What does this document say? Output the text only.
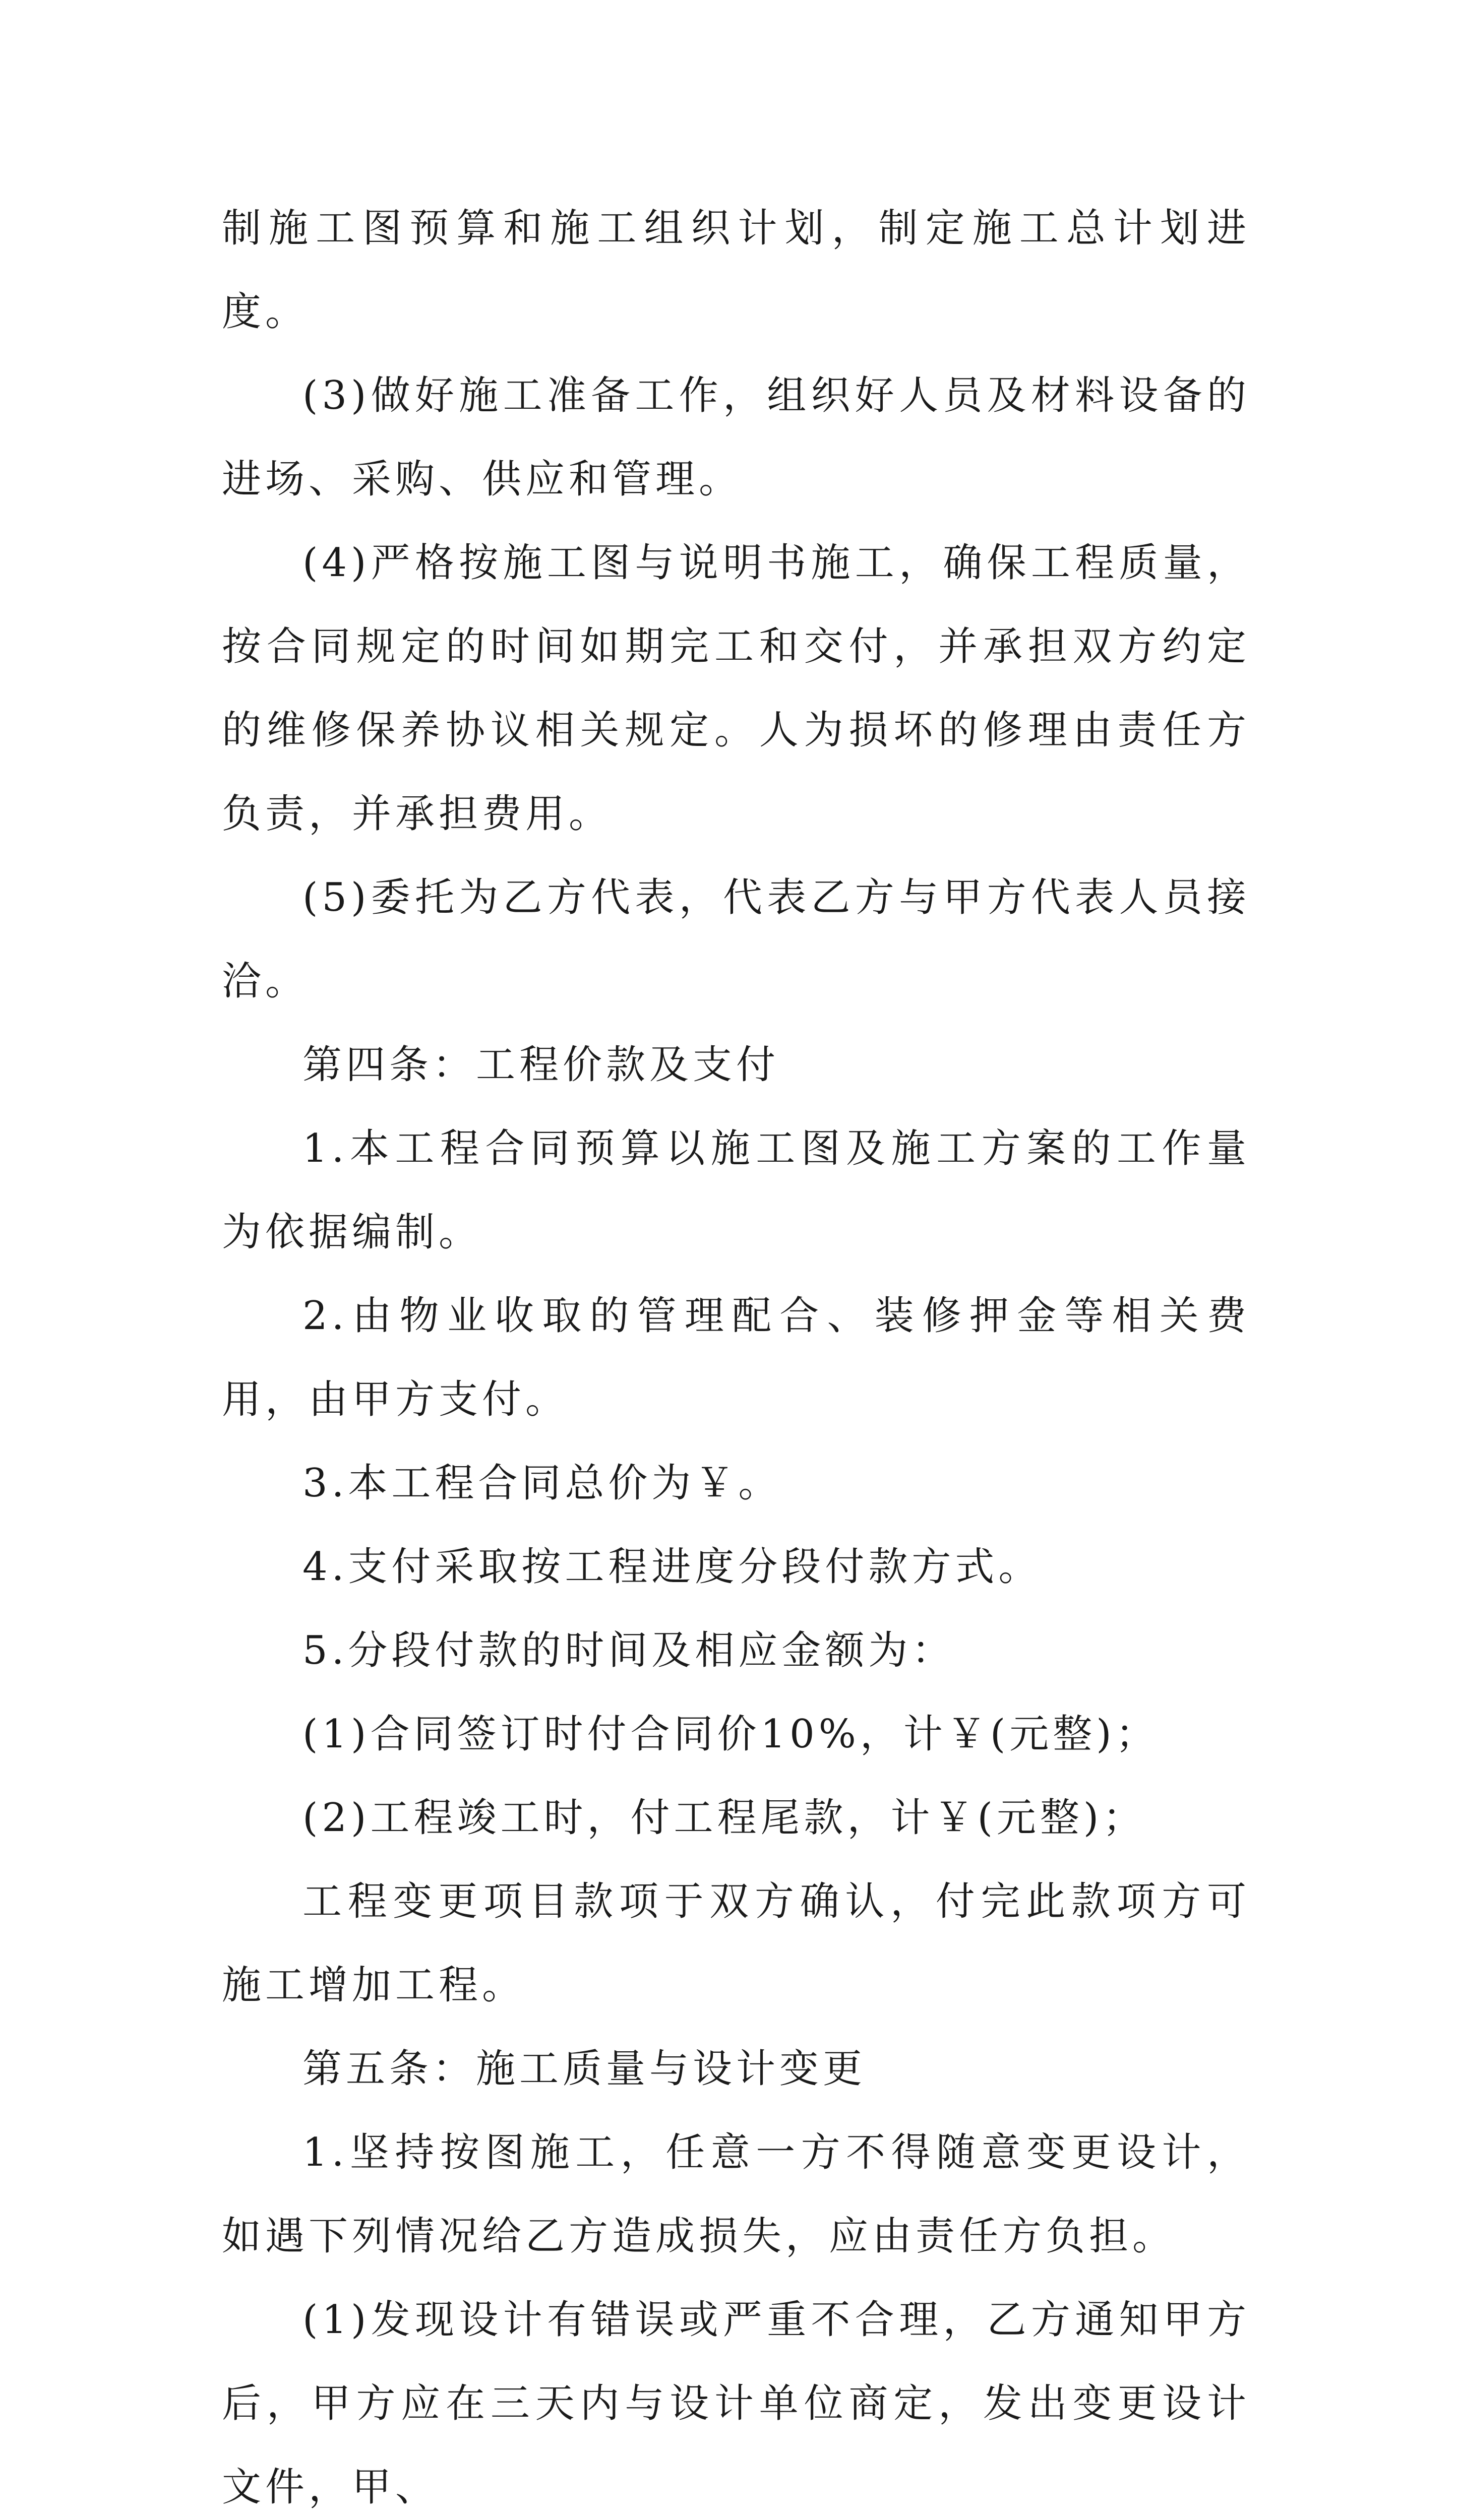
制施工图预算和施工组织计划，制定施工总计划进度。

(3)做好施工准备工作，组织好人员及材料设备的进场、采购、供应和管理。

(4)严格按施工图与说明书施工，确保工程质量，按合同规定的时间如期完工和交付，并承担双方约定的维修保养协议相关规定。人为损坏的修理由责任方负责，并承担费用。

(5)委托为乙方代表，代表乙方与甲方代表人员接洽。

第四条：工程价款及支付

1.本工程合同预算以施工图及施工方案的工作量为依据编制。

2.由物业收取的管理配合、装修押金等相关费用，由甲方支付。

3.本工程合同总价为￥。

4.支付采取按工程进度分段付款方式。

5.分段付款的时间及相应金额为：

(1)合同签订时付合同价10%，计￥(元整)；

(2)工程竣工时，付工程尾款，计￥(元整)；

工程变更项目款项于双方确认，付完此款项方可施工增加工程。

第五条：施工质量与设计变更

1.坚持按图施工，任意一方不得随意变更设计，如遇下列情况给乙方造成损失，应由责任方负担。

(1)发现设计有错误或严重不合理，乙方通知甲方后，甲方应在三天内与设计单位商定，发出变更设计文件，甲、
